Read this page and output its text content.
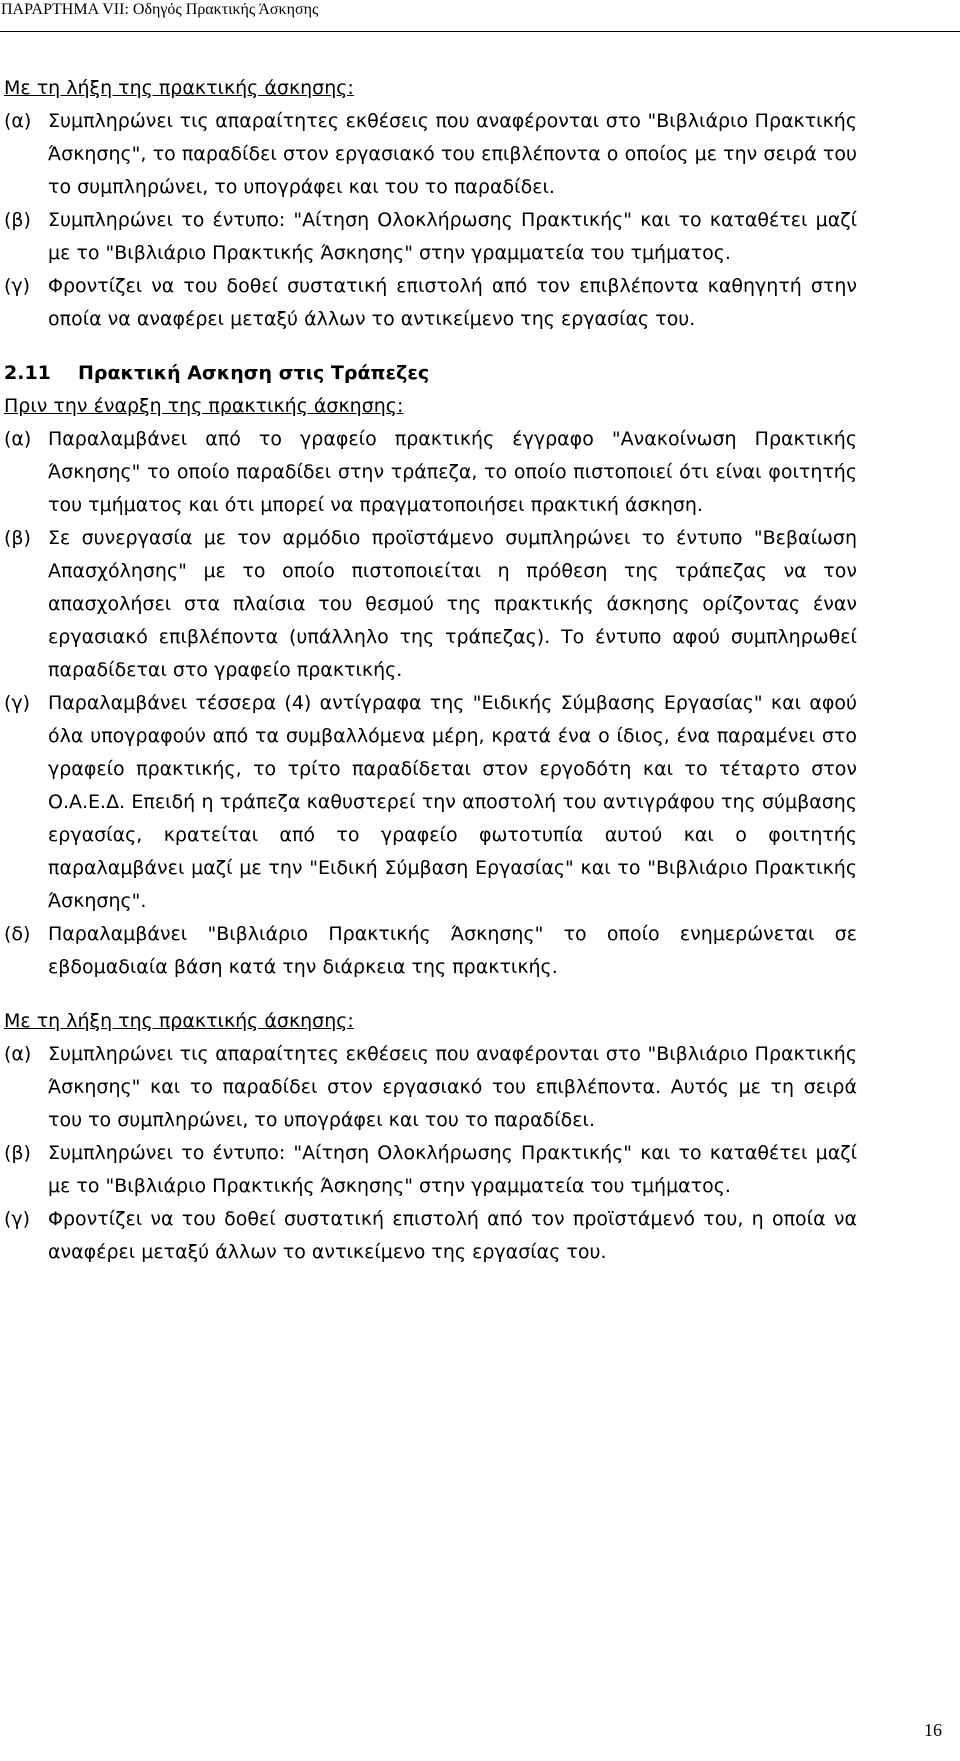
ΠΑΡΑΡΤΗΜΑ VII: Οδηγός Πρακτικής Άσκησης

Με τη λήξη της πρακτικής άσκησης:

(α) Συμπληρώνει τις απαραίτητες εκθέσεις που αναφέρονται στο "Βιβλιάριο Πρακτικής Άσκησης", το παραδίδει στον εργασιακό του επιβλέποντα ο οποίος με την σειρά του το συμπληρώνει, το υπογράφει και του το παραδίδει.
(β) Συμπληρώνει το έντυπο: "Αίτηση Ολοκλήρωσης Πρακτικής" και το καταθέτει μαζί με το "Βιβλιάριο Πρακτικής Άσκησης" στην γραμματεία του τμήματος.
(γ) Φροντίζει να του δοθεί συστατική επιστολή από τον επιβλέποντα καθηγητή στην οποία να αναφέρει μεταξύ άλλων το αντικείμενο της εργασίας του.

2.11 Πρακτική Ασκηση στις Τράπεζες

Πριν την έναρξη της πρακτικής άσκησης:

(α) Παραλαμβάνει από το γραφείο πρακτικής έγγραφο "Ανακοίνωση Πρακτικής Άσκησης" το οποίο παραδίδει στην τράπεζα, το οποίο πιστοποιεί ότι είναι φοιτητής του τμήματος και ότι μπορεί να πραγματοποιήσει πρακτική άσκηση.
(β) Σε συνεργασία με τον αρμόδιο προϊστάμενο συμπληρώνει το έντυπο "Βεβαίωση Απασχόλησης" με το οποίο πιστοποιείται η πρόθεση της τράπεζας να τον απασχολήσει στα πλαίσια του θεσμού της πρακτικής άσκησης ορίζοντας έναν εργασιακό επιβλέποντα (υπάλληλο της τράπεζας). Το έντυπο αφού συμπληρωθεί παραδίδεται στο γραφείο πρακτικής.
(γ) Παραλαμβάνει τέσσερα (4) αντίγραφα της "Ειδικής Σύμβασης Εργασίας" και αφού όλα υπογραφούν από τα συμβαλλόμενα μέρη, κρατά ένα ο ίδιος, ένα παραμένει στο γραφείο πρακτικής, το τρίτο παραδίδεται στον εργοδότη και το τέταρτο στον Ο.Α.Ε.Δ. Επειδή η τράπεζα καθυστερεί την αποστολή του αντιγράφου της σύμβασης εργασίας, κρατείται από το γραφείο φωτοτυπία αυτού και ο φοιτητής παραλαμβάνει μαζί με την "Ειδική Σύμβαση Εργασίας" και το "Βιβλιάριο Πρακτικής Άσκησης".
(δ) Παραλαμβάνει "Βιβλιάριο Πρακτικής Άσκησης" το οποίο ενημερώνεται σε εβδομαδιαία βάση κατά την διάρκεια της πρακτικής.

Με τη λήξη της πρακτικής άσκησης:

(α) Συμπληρώνει τις απαραίτητες εκθέσεις που αναφέρονται στο "Βιβλιάριο Πρακτικής Άσκησης" και το παραδίδει στον εργασιακό του επιβλέποντα. Αυτός με τη σειρά του το συμπληρώνει, το υπογράφει και του το παραδίδει.
(β) Συμπληρώνει το έντυπο: "Αίτηση Ολοκλήρωσης Πρακτικής" και το καταθέτει μαζί με το "Βιβλιάριο Πρακτικής Άσκησης" στην γραμματεία του τμήματος.
(γ) Φροντίζει να του δοθεί συστατική επιστολή από τον προϊστάμενό του, η οποία να αναφέρει μεταξύ άλλων το αντικείμενο της εργασίας του.
16
